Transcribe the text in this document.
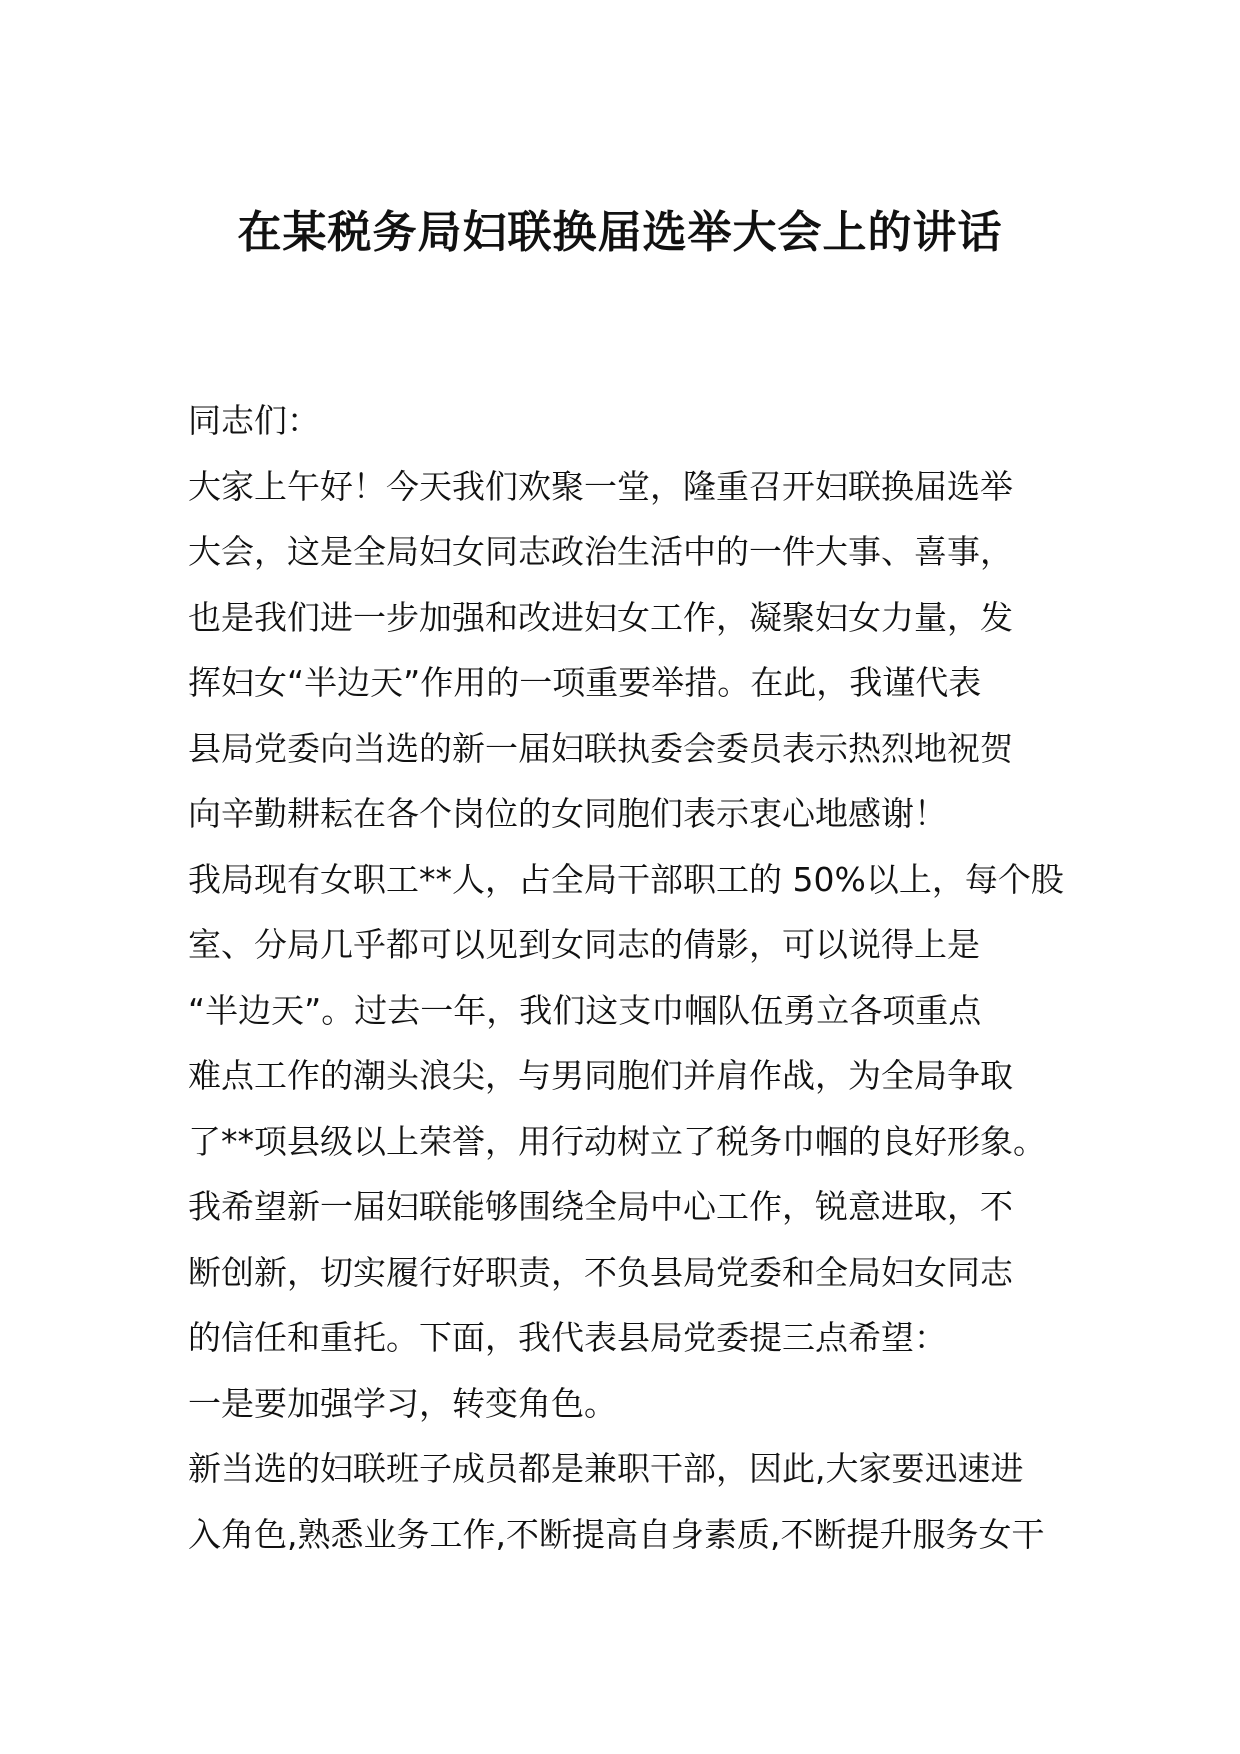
在某税务局妇联换届选举大会上的讲话
同志们：
大家上午好！今天我们欢聚一堂，隆重召开妇联换届选举
大会，这是全局妇女同志政治生活中的一件大事、喜事，
也是我们进一步加强和改进妇女工作，凝聚妇女力量，发
挥妇女“半边天”作用的一项重要举措。在此，我谨代表
县局党委向当选的新一届妇联执委会委员表示热烈地祝贺
向辛勤耕耘在各个岗位的女同胞们表示衷心地感谢！
我局现有女职工**人，占全局干部职工的 50%以上，每个股
室、分局几乎都可以见到女同志的倩影，可以说得上是
“半边天”。过去一年，我们这支巾帼队伍勇立各项重点
难点工作的潮头浪尖，与男同胞们并肩作战，为全局争取
了**项县级以上荣誉，用行动树立了税务巾帼的良好形象。
我希望新一届妇联能够围绕全局中心工作，锐意进取，不
断创新，切实履行好职责，不负县局党委和全局妇女同志
的信任和重托。下面，我代表县局党委提三点希望：
一是要加强学习，转变角色。
新当选的妇联班子成员都是兼职干部，因此,大家要迅速进
入角色,熟悉业务工作,不断提高自身素质,不断提升服务女干
